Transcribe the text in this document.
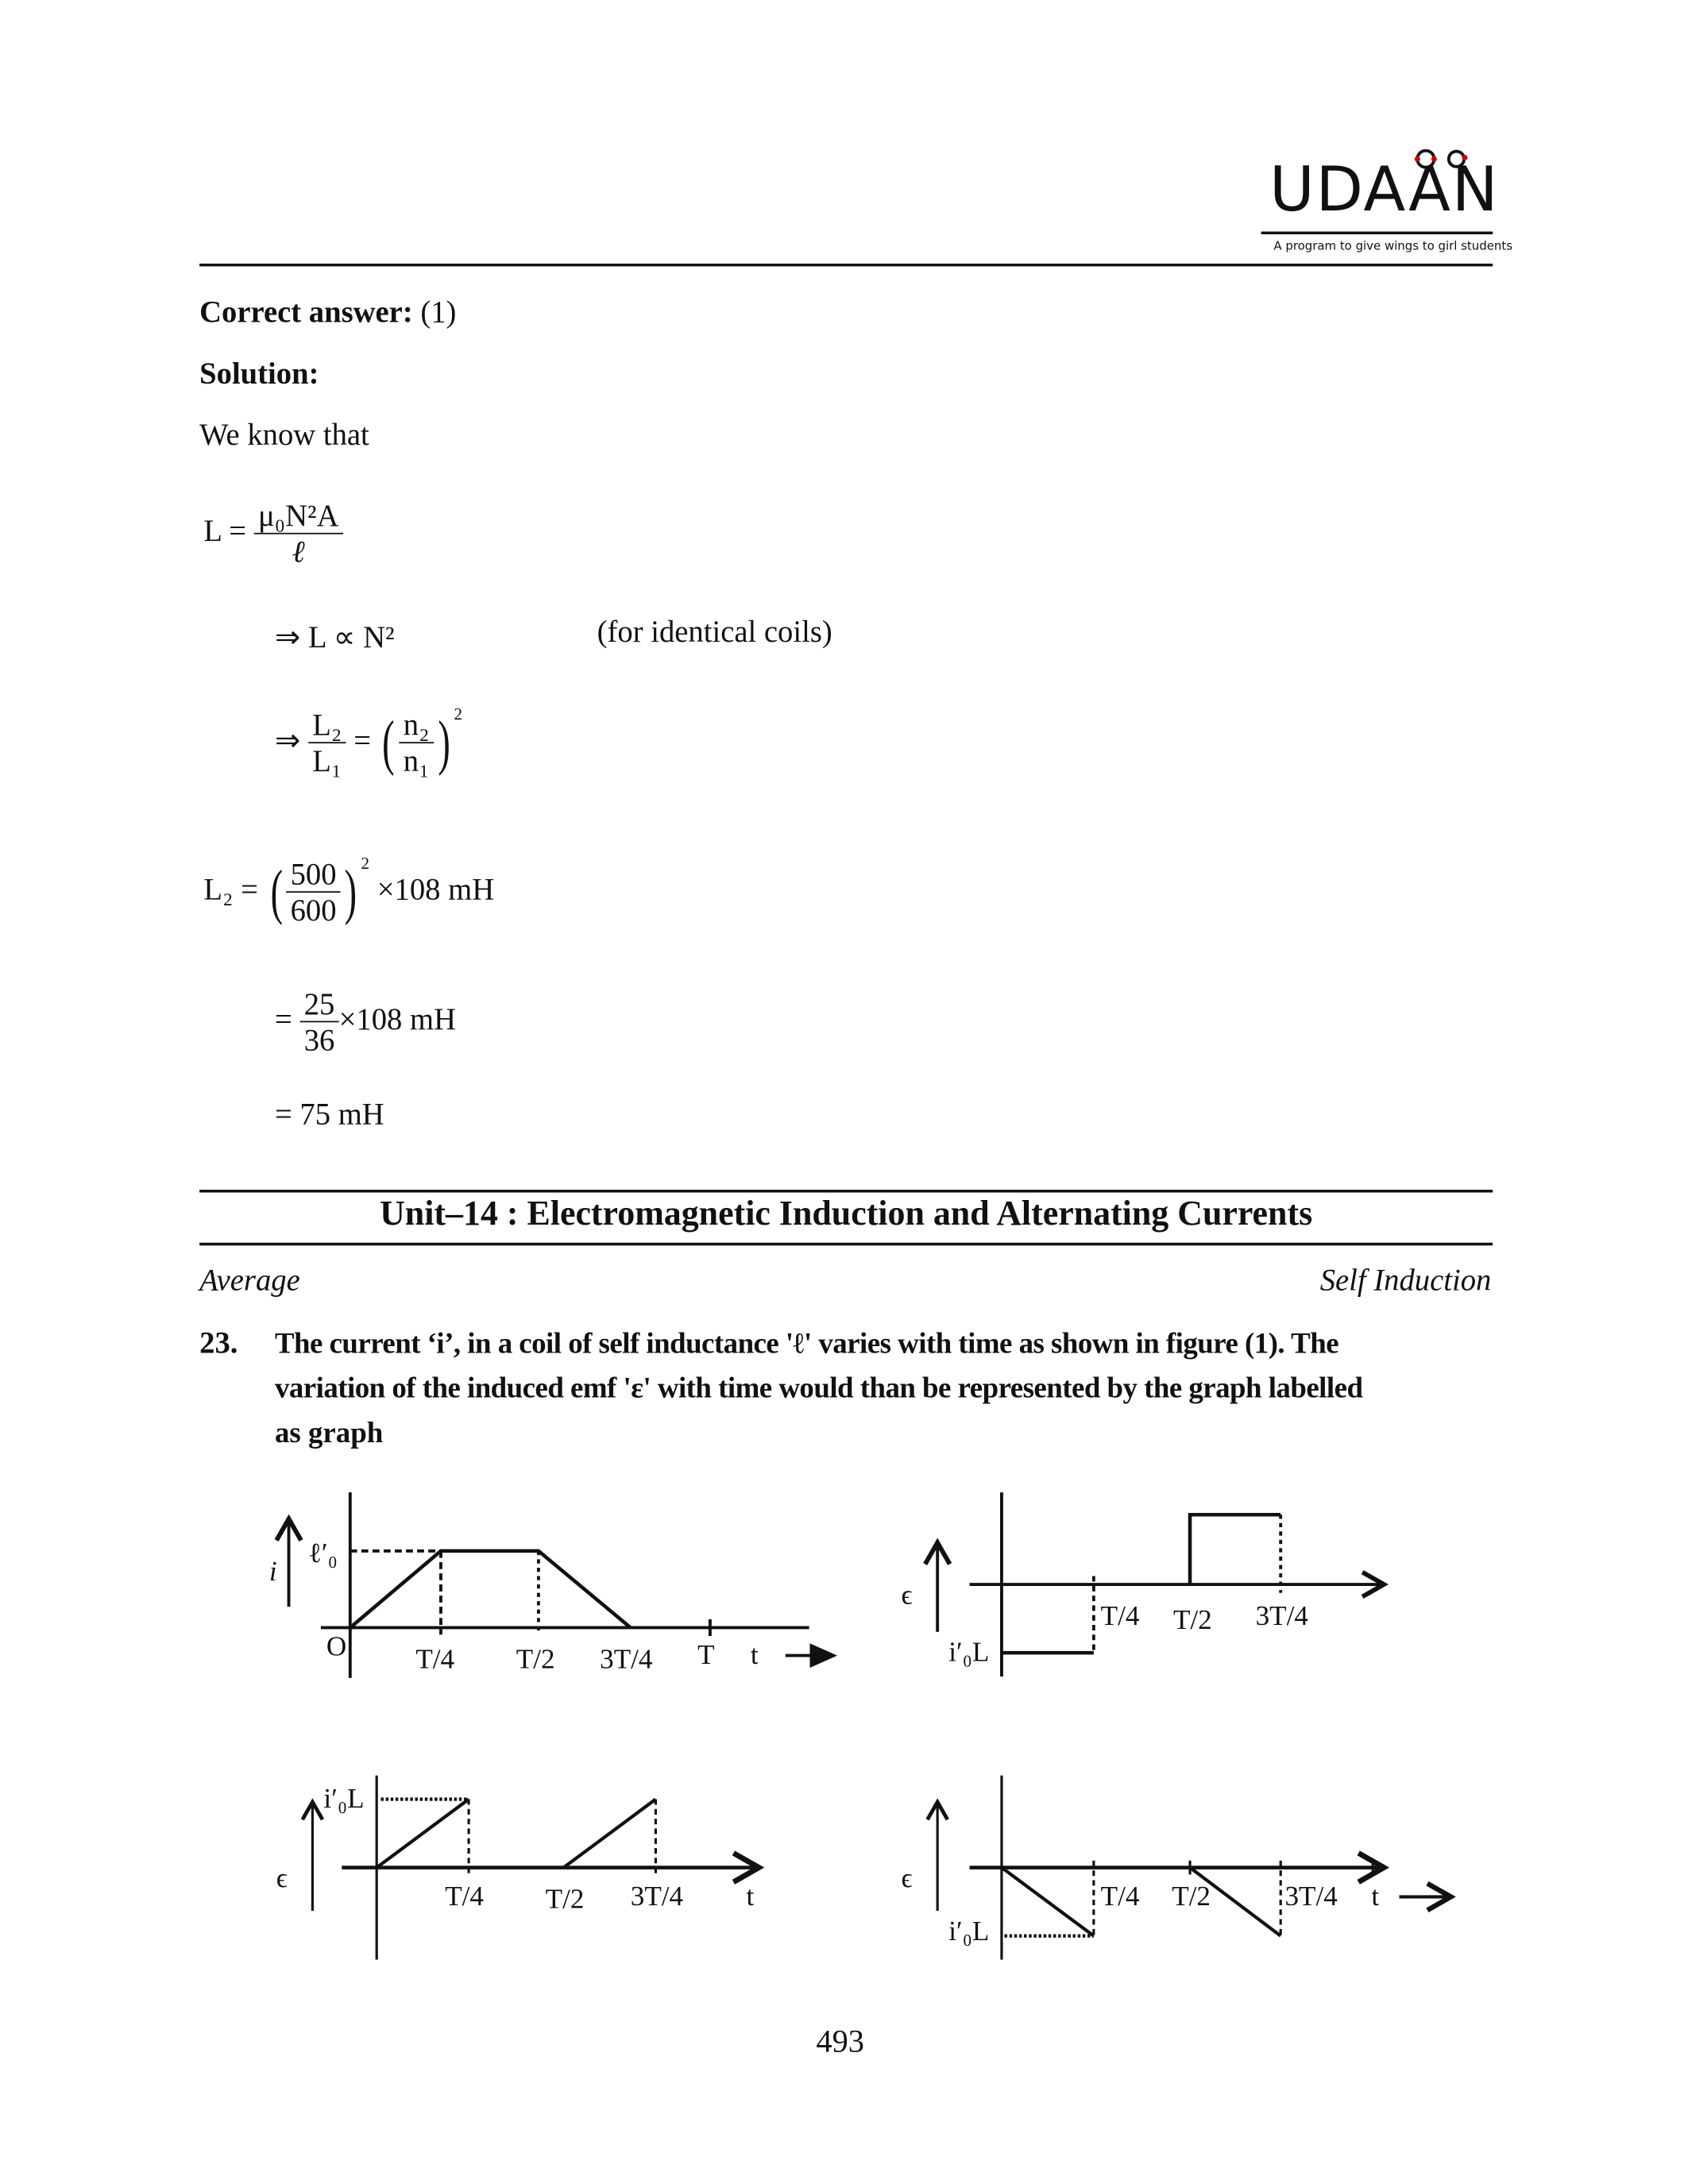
UDAAN
A program to give wings to girl students
Correct answer: (1)
Solution:
We know that
$L = \frac{\text{μ₀N²A}}{\text{ℓ}}$
⇒ L ∝ N²	(for identical coils)
⇒ $\frac{\text{L₂}}{\text{L₁}}$ = ( $\frac{\text{n₂}}{\text{n₁}}$ ) $^2$
L₂ = ( $\frac{500}{600}$ ) $^2$ ×108 mH
= $\frac{25}{36} \times 108$ mH
= 75 mH
Unit–14 : Electromagnetic Induction and Alternating Currents
Average	Self Induction
23. The current ‘i’, in a coil of self inductance 'ℓ' varies with time as shown in figure (1). The
variation of the induced emf 'ε' with time would than be represented by the graph labelled
as graph
i
ℓ′₀
O	T/4	T/2	3T/4	T t
ϵ
i′₀L
T/4 T/2	3T/4
ϵ
i′₀L
T/4	T/2	3T/4	t
ϵ
i′₀L
T/4 T/2	3T/4 t
493
